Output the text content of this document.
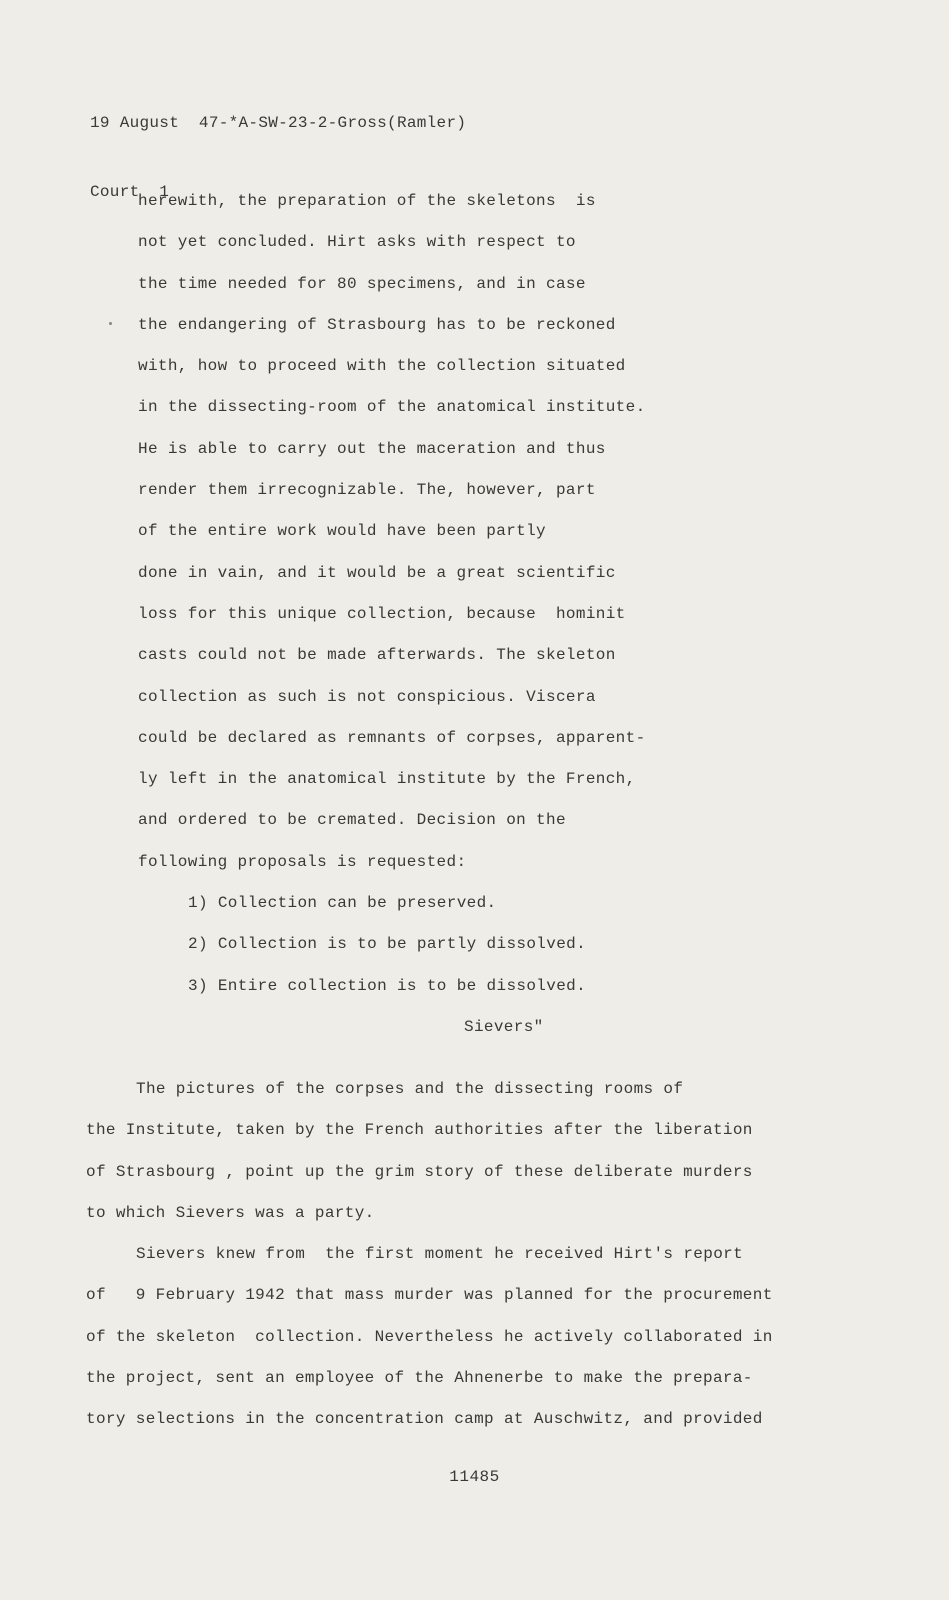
19 August  47-*A-SW-23-2-Gross(Ramler)

Court  1

herewith, the preparation of the skeletons  is
not yet concluded. Hirt asks with respect to
the time needed for 80 specimens, and in case
the endangering of Strasbourg has to be reckoned
with, how to proceed with the collection situated
in the dissecting-room of the anatomical institute.
He is able to carry out the maceration and thus
render them irrecognizable. The, however, part
of the entire work would have been partly
done in vain, and it would be a great scientific
loss for this unique collection, because  hominit
casts could not be made afterwards. The skeleton
collection as such is not conspicious. Viscera
could be declared as remnants of corpses, apparent-
ly left in the anatomical institute by the French,
and ordered to be cremated. Decision on the
following proposals is requested:
1) Collection can be preserved.
2) Collection is to be partly dissolved.
3) Entire collection is to be dissolved.
Sievers"
The pictures of the corpses and the dissecting rooms of
the Institute, taken by the French authorities after the liberation
of Strasbourg , point up the grim story of these deliberate murders
to which Sievers was a party.
Sievers knew from  the first moment he received Hirt's report
of   9 February 1942 that mass murder was planned for the procurement
of the skeleton  collection. Nevertheless he actively collaborated in
the project, sent an employee of the Ahnenerbe to make the prepara-
tory selections in the concentration camp at Auschwitz, and provided
11485
